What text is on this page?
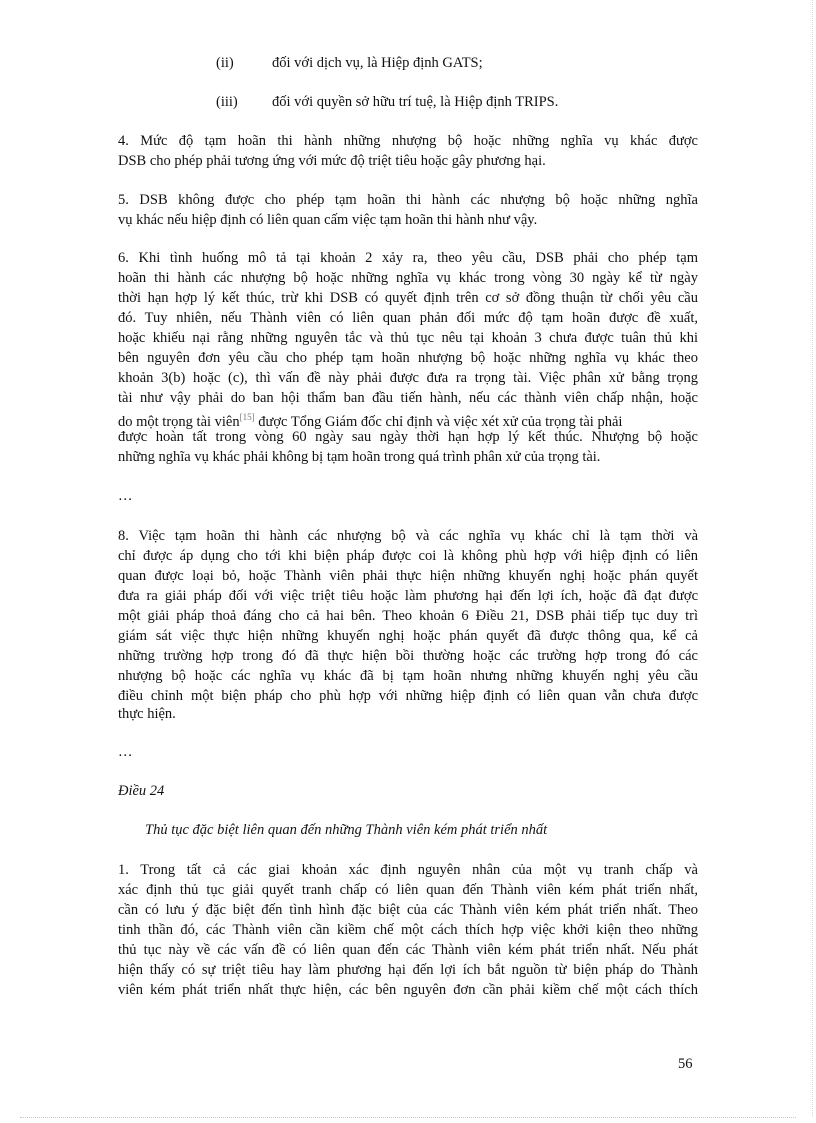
(ii)	đối với dịch vụ, là Hiệp định GATS;
(iii) đối với quyền sở hữu trí tuệ, là Hiệp định TRIPS.
4. Mức độ tạm hoãn thi hành những nhượng bộ hoặc những nghĩa vụ khác được
DSB cho phép phải tương ứng với mức độ triệt tiêu hoặc gây phương hại.
5. DSB không được cho phép tạm hoãn thi hành các nhượng bộ hoặc những nghĩa
vụ khác nếu hiệp định có liên quan cấm việc tạm hoãn thi hành như vậy.
6. Khi tình huống mô tả tại khoản 2 xảy ra, theo yêu cầu, DSB phải cho phép tạm
hoãn thi hành các nhượng bộ hoặc những nghĩa vụ khác trong vòng 30 ngày kể từ ngày
thời hạn hợp lý kết thúc, trừ khi DSB có quyết định trên cơ sở đồng thuận từ chối yêu cầu
đó. Tuy nhiên, nếu Thành viên có liên quan phản đối mức độ tạm hoãn được đề xuất,
hoặc khiếu nại rằng những nguyên tắc và thủ tục nêu tại khoản 3 chưa được tuân thủ khi
bên nguyên đơn yêu cầu cho phép tạm hoãn nhượng bộ hoặc những nghĩa vụ khác theo
khoản 3(b) hoặc (c), thì vấn đề này phải được đưa ra trọng tài. Việc phân xử bằng trọng
tài như vậy phải do ban hội thẩm ban đầu tiến hành, nếu các thành viên chấp nhận, hoặc
do một trọng tài viên[15] được Tổng Giám đốc chỉ định và việc xét xử của trọng tài phải
được hoàn tất trong vòng 60 ngày sau ngày thời hạn hợp lý kết thúc. Nhượng bộ hoặc
những nghĩa vụ khác phải không bị tạm hoãn trong quá trình phân xử của trọng tài.
…
8. Việc tạm hoãn thi hành các nhượng bộ và các nghĩa vụ khác chỉ là tạm thời và
chỉ được áp dụng cho tới khi biện pháp được coi là không phù hợp với hiệp định có liên
quan được loại bỏ, hoặc Thành viên phải thực hiện những khuyến nghị hoặc phán quyết
đưa ra giải pháp đối với việc triệt tiêu hoặc làm phương hại đến lợi ích, hoặc đã đạt được
một giải pháp thoả đáng cho cả hai bên. Theo khoản 6 Điều 21, DSB phải tiếp tục duy trì
giám sát việc thực hiện những khuyến nghị hoặc phán quyết đã được thông qua, kể cả
những trường hợp trong đó đã thực hiện bồi thường hoặc các trường hợp trong đó các
nhượng bộ hoặc các nghĩa vụ khác đã bị tạm hoãn nhưng những khuyến nghị yêu cầu
điều chỉnh một biện pháp cho phù hợp với những hiệp định có liên quan vẫn chưa được
thực hiện.
…
Điều 24
Thủ tục đặc biệt liên quan đến những Thành viên kém phát triển nhất
1. Trong tất cả các giai khoản xác định nguyên nhân của một vụ tranh chấp và
xác định thủ tục giải quyết tranh chấp có liên quan đến Thành viên kém phát triển nhất,
cần có lưu ý đặc biệt đến tình hình đặc biệt của các Thành viên kém phát triển nhất. Theo
tinh thần đó, các Thành viên cần kiềm chế một cách thích hợp việc khởi kiện theo những
thủ tục này về các vấn đề có liên quan đến các Thành viên kém phát triển nhất. Nếu phát
hiện thấy có sự triệt tiêu hay làm phương hại đến lợi ích bắt nguồn từ biện pháp do Thành
viên kém phát triển nhất thực hiện, các bên nguyên đơn cần phải kiềm chế một cách thích
56
